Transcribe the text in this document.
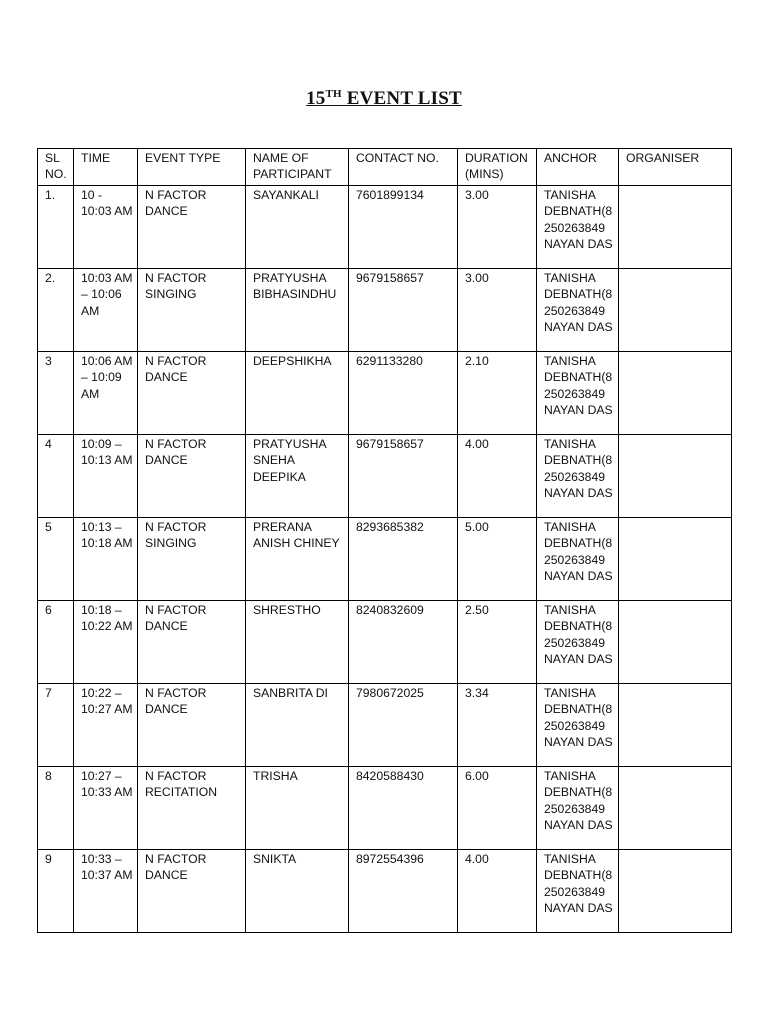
15TH EVENT LIST
SL NO.	TIME	EVENT TYPE	NAME OF PARTICIPANT	CONTACT NO.	DURATION (MINS)	ANCHOR	ORGANISER
1.	10 - 10:03 AM	N FACTOR DANCE	SAYANKALI	7601899134	3.00	TANISHA
DEBNATH(8
250263849
NAYAN DAS	

2.	10:03 AM – 10:06 AM	N FACTOR SINGING	PRATYUSHA BIBHASINDHU	9679158657	3.00	TANISHA
DEBNATH(8
250263849
NAYAN DAS	

3	10:06 AM – 10:09 AM	N FACTOR DANCE	DEEPSHIKHA	6291133280	2.10	TANISHA
DEBNATH(8
250263849
NAYAN DAS	

4	10:09 – 10:13 AM	N FACTOR DANCE	PRATYUSHA SNEHA DEEPIKA	9679158657	4.00	TANISHA
DEBNATH(8
250263849
NAYAN DAS	

5	10:13 – 10:18 AM	N FACTOR SINGING	PRERANA ANISH CHINEY	8293685382	5.00	TANISHA
DEBNATH(8
250263849
NAYAN DAS	

6	10:18 – 10:22 AM	N FACTOR DANCE	SHRESTHO	8240832609	2.50	TANISHA
DEBNATH(8
250263849
NAYAN DAS	

7	10:22 – 10:27 AM	N FACTOR DANCE	SANBRITA DI	7980672025	3.34	TANISHA
DEBNATH(8
250263849
NAYAN DAS	

8	10:27 – 10:33 AM	N FACTOR RECITATION	TRISHA	8420588430	6.00	TANISHA
DEBNATH(8
250263849
NAYAN DAS	

9	10:33 – 10:37 AM	N FACTOR DANCE	SNIKTA	8972554396	4.00	TANISHA
DEBNATH(8
250263849
NAYAN DAS	
